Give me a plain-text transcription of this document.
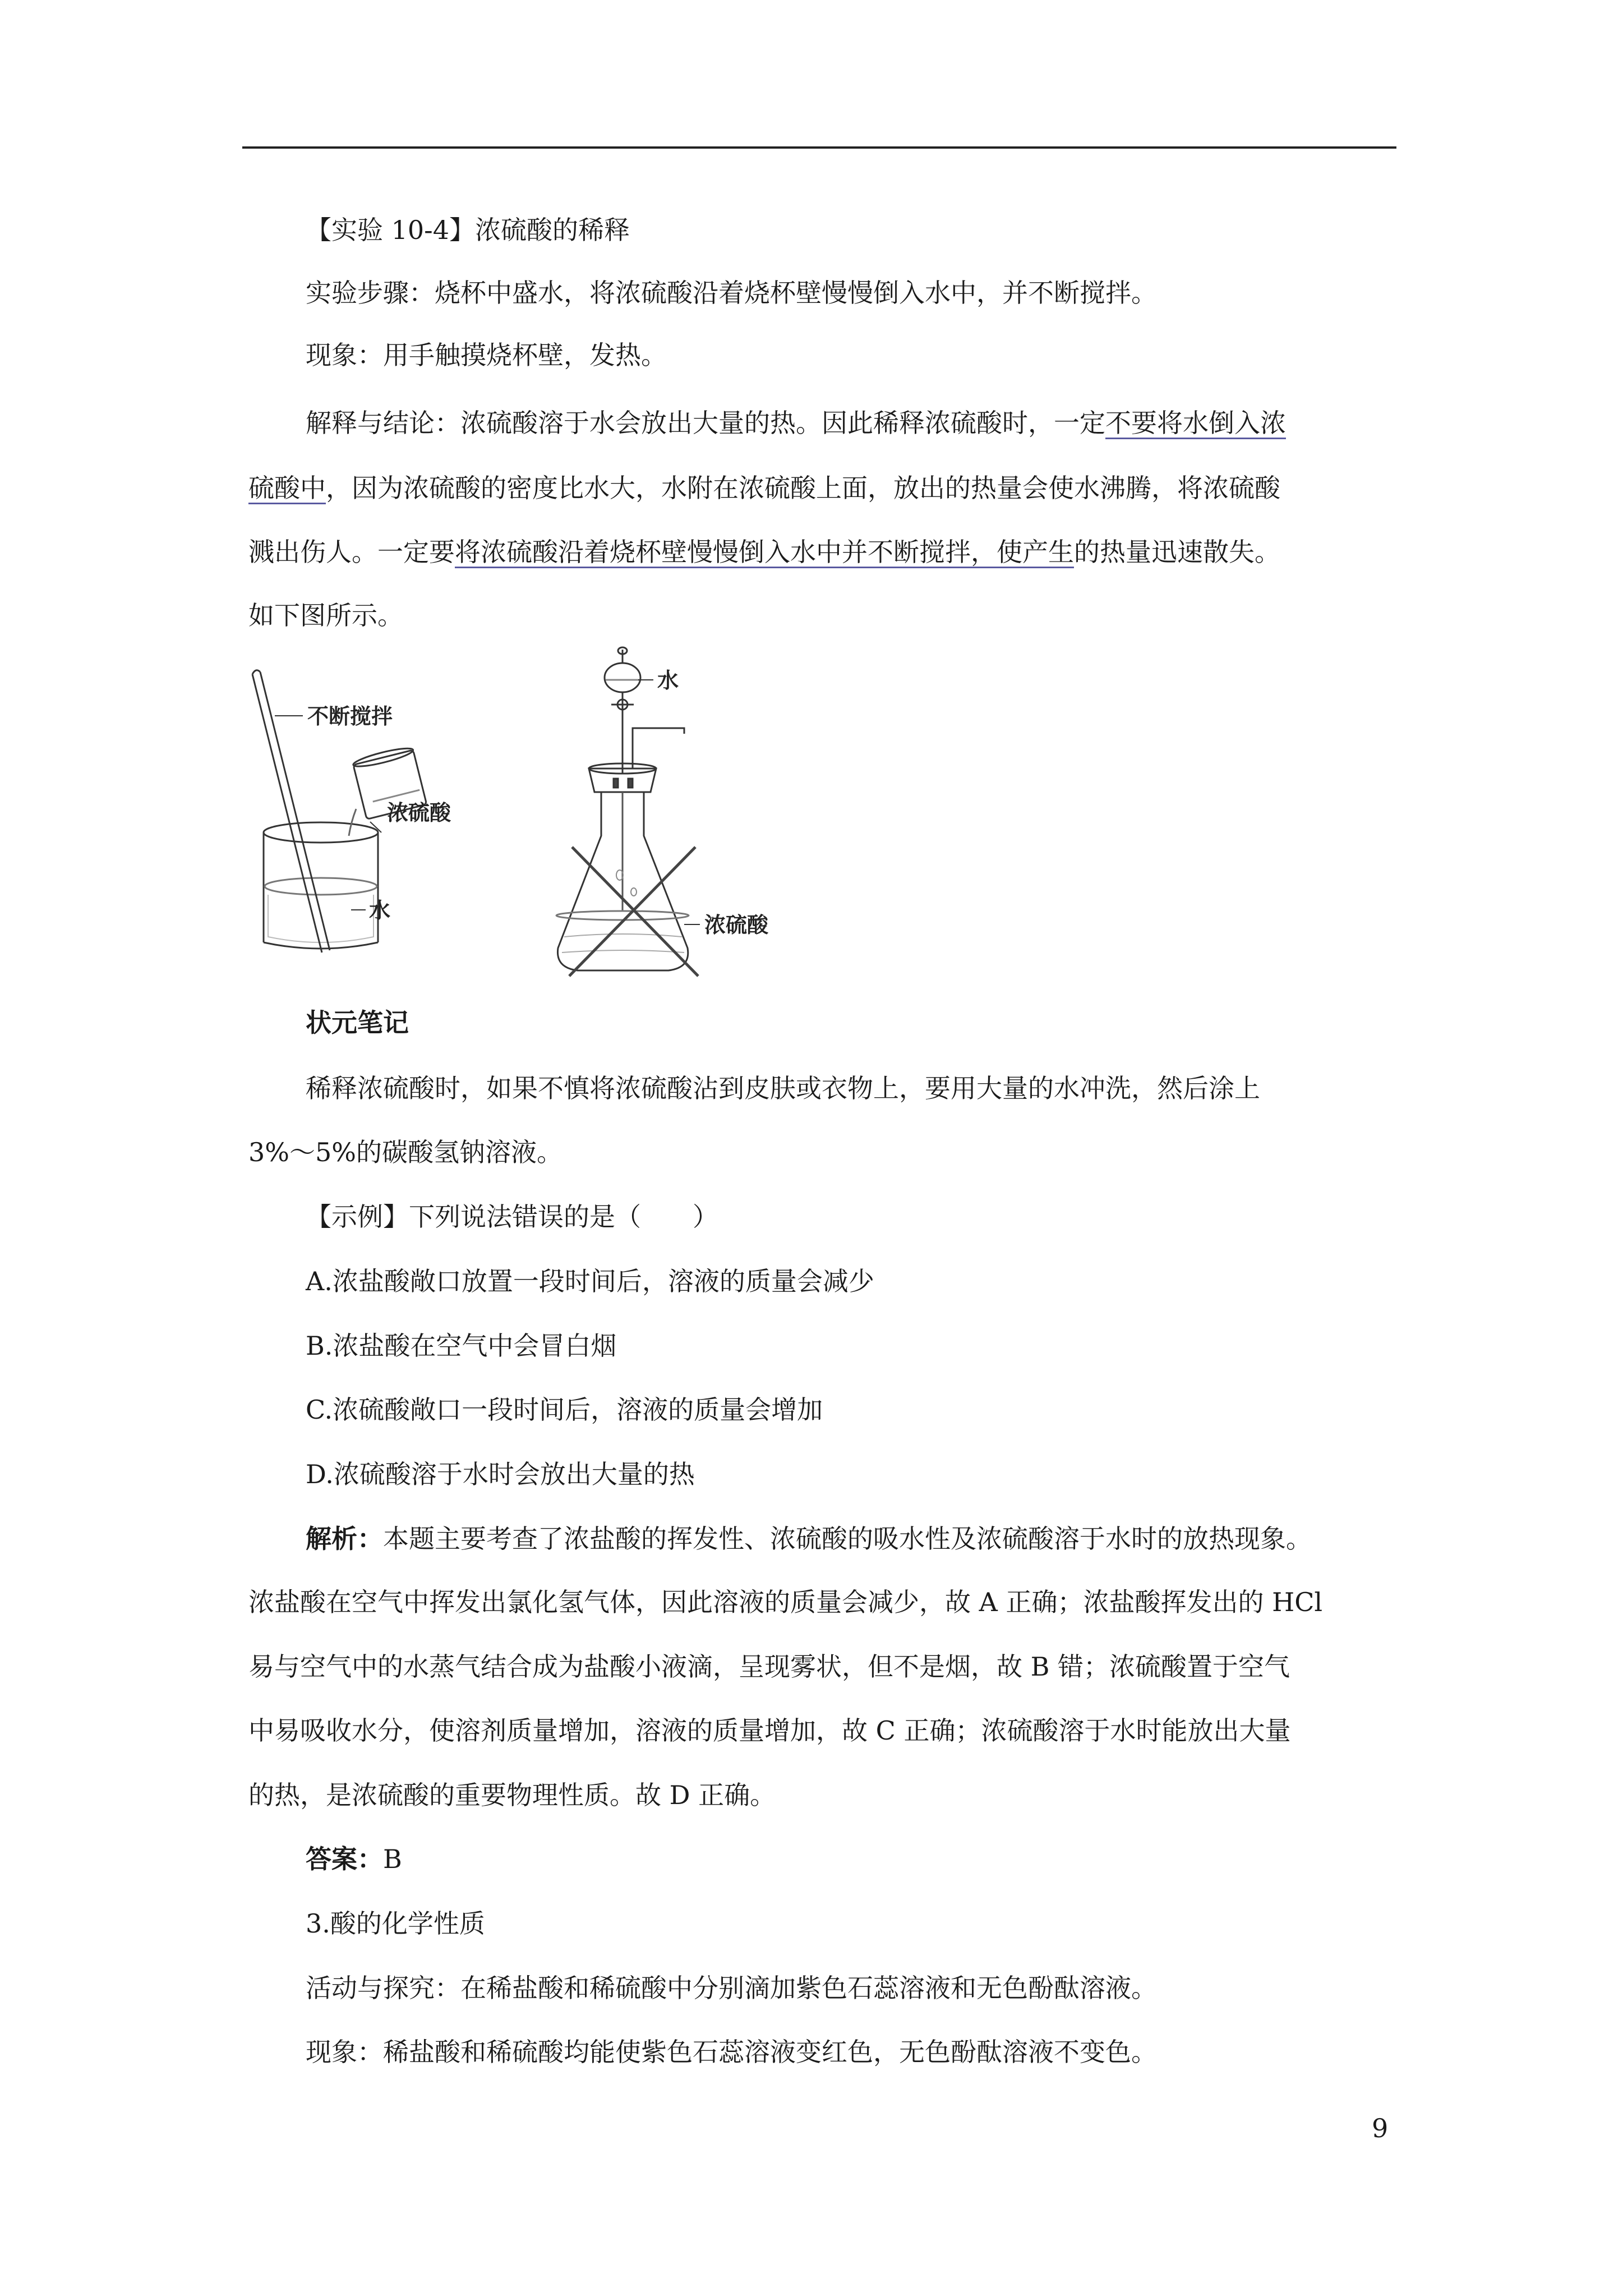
【实验 10-4】浓硫酸的稀释
实验步骤：烧杯中盛水，将浓硫酸沿着烧杯壁慢慢倒入水中，并不断搅拌。
现象：用手触摸烧杯壁，发热。
解释与结论：浓硫酸溶于水会放出大量的热。因此稀释浓硫酸时，一定不要将水倒入浓
硫酸中，因为浓硫酸的密度比水大，水附在浓硫酸上面，放出的热量会使水沸腾，将浓硫酸
溅出伤人。一定要将浓硫酸沿着烧杯壁慢慢倒入水中并不断搅拌，使产生的热量迅速散失。
如下图所示。
不断搅拌
浓硫酸
水
水
浓硫酸
状元笔记
稀释浓硫酸时，如果不慎将浓硫酸沾到皮肤或衣物上，要用大量的水冲洗，然后涂上
3%～5%的碳酸氢钠溶液。
【示例】下列说法错误的是（　　）
A.浓盐酸敞口放置一段时间后，溶液的质量会减少
B.浓盐酸在空气中会冒白烟
C.浓硫酸敞口一段时间后，溶液的质量会增加
D.浓硫酸溶于水时会放出大量的热
解析：本题主要考查了浓盐酸的挥发性、浓硫酸的吸水性及浓硫酸溶于水时的放热现象。
浓盐酸在空气中挥发出氯化氢气体，因此溶液的质量会减少，故 A 正确；浓盐酸挥发出的 HCl
易与空气中的水蒸气结合成为盐酸小液滴，呈现雾状，但不是烟，故 B 错；浓硫酸置于空气
中易吸收水分，使溶剂质量增加，溶液的质量增加，故 C 正确；浓硫酸溶于水时能放出大量
的热，是浓硫酸的重要物理性质。故 D 正确。
答案：B
3.酸的化学性质
活动与探究：在稀盐酸和稀硫酸中分别滴加紫色石蕊溶液和无色酚酞溶液。
现象：稀盐酸和稀硫酸均能使紫色石蕊溶液变红色，无色酚酞溶液不变色。
9
